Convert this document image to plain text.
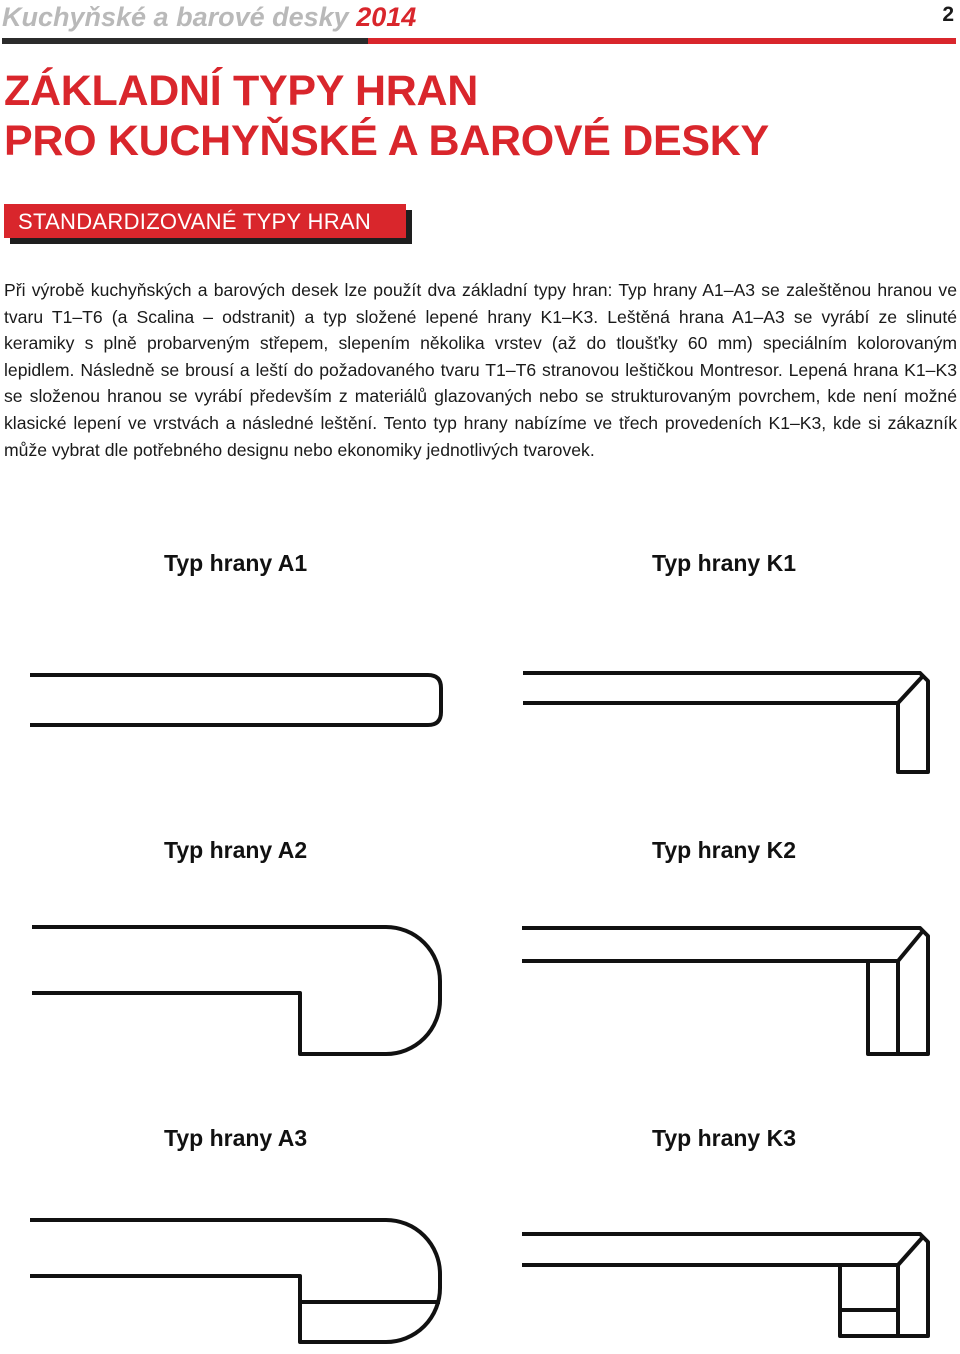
Kuchyňské a barové desky 2014	2
ZÁKLADNÍ TYPY HRAN
PRO KUCHYŇSKÉ A BAROVÉ DESKY
STANDARDIZOVANÉ TYPY HRAN
Při výrobě kuchyňských a barových desek lze použít dva základní typy hran: Typ hrany A1–A3 se zaleštěnou hranou ve tvaru T1–T6 (a Scalina – odstranit) a typ složené lepené hrany K1–K3. Leštěná hrana A1–A3 se vyrábí ze slinuté keramiky s plně probarveným střepem, slepením několika vrstev (až do tloušťky 60 mm) speciálním kolorovaným lepidlem. Následně se brousí a leští do požadovaného tvaru T1–T6 stranovou leštičkou Montresor. Lepená hrana K1–K3 se složenou hranou se vyrábí především z materiálů glazovaných nebo se strukturovaným povrchem, kde není možné klasické lepení ve vrstvách a následné leštění. Tento typ hrany nabízíme ve třech provedeních K1–K3, kde si zákazník může vybrat dle potřebného designu nebo ekonomiky jednotlivých tvarovek.
Typ hrany A1	Typ hrany K1
Typ hrany A2	Typ hrany K2
Typ hrany A3	Typ hrany K3
